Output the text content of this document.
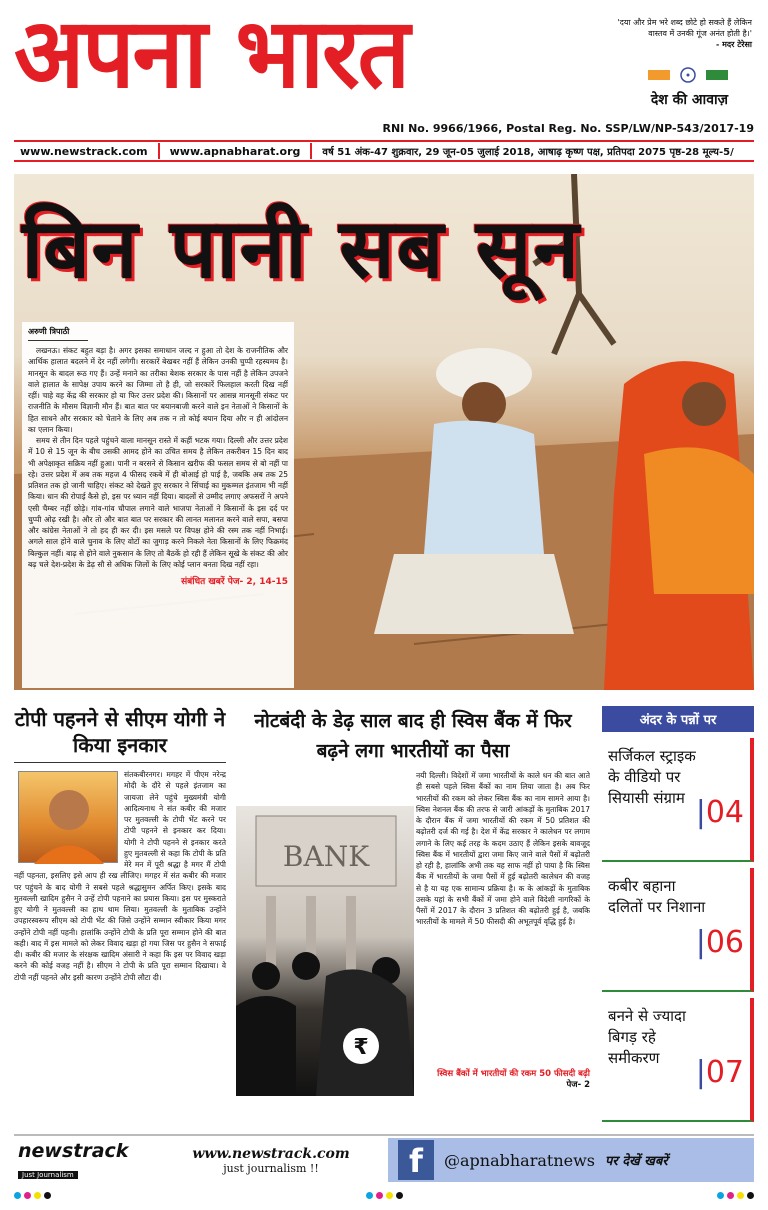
अपना भारत	'दया और प्रेम भरे शब्द छोटे हो सकते हैं लेकिन वास्तव में उनकी गूंज अनंत होती है।'
- मदर टेरेसा
देश की आवाज़
RNI No. 9966/1966, Postal Reg. No. SSP/LW/NP-543/2017-19
www.newstrack.com www.apnabharat.org वर्ष 51 अंक-47 शुक्रवार, 29 जून-05 जुलाई 2018, आषाढ़ कृष्ण पक्ष, प्रतिपदा 2075 पृष्ठ-28 मूल्य-5/
बिन पानी सब सून
अरुणी त्रिपाठी

लखनऊ। संकट बहुत बड़ा है। अगर इसका समाधान जल्द न हुआ तो देश के राजनीतिक और आर्थिक हालात बदलने में देर नहीं लगेगी। सरकारें बेखबर नहीं हैं लेकिन उनकी चुप्पी रहस्यमय है। मानसून के बादल रूठ गए हैं। उन्हें मनाने का तरीका बेशक सरकार के पास नहीं है लेकिन उपजने वाले हालात के सापेक्ष उपाय करने का जिम्मा तो है ही, जो सरकारें फिलहाल करती दिख नहीं रहीं। चाहे वह केंद्र की सरकार हो या फिर उत्तर प्रदेश की। किसानों पर आसन्न मानसूनी संकट पर राजनीति के मौसम विज्ञानी मौन हैं। बात बात पर बयानबाजी करने वाले इन नेताओं ने किसानों के हित साधने और सरकार को चेताने के लिए अब तक न तो कोई बयान दिया और न ही आंदोलन का एलान किया।

समय से तीन दिन पहले पहुंचने वाला मानसून रास्ते में कहीं भटक गया। दिल्ली और उत्तर प्रदेश में 10 से 15 जून के बीच उसकी आमद होने का उचित समय है लेकिन तकरीबन 15 दिन बाद भी अपेक्षाकृत सक्रिय नहीं हुआ। पानी न बरसने से किसान खरीफ की फसल समय से बो नहीं पा रहे। उत्तर प्रदेश में अब तक महज 4 फीसद रकबे में ही बोआई हो पाई है, जबकि अब तक 25 प्रतिशत तक हो जानी चाहिए। संकट को देखते हुए सरकार ने सिंचाई का मुकम्मल इंतजाम भी नहीं किया। धान की रोपाई कैसे हो, इस पर ध्यान नहीं दिया। बादलों से उम्मीद लगाए अफसरों ने अपने एसी चैम्बर नहीं छोड़े। गांव-गांव चौपाल लगाने वाले भाजपा नेताओं ने किसानों के इस दर्द पर चुप्पी ओढ़ रखी है। और तो और बात बात पर सरकार की लानत मलानत करने वाले सपा, बसपा और कांग्रेस नेताओं ने तो हद ही कर दी। इस मसले पर विपक्ष होने की रस्म तक नहीं निभाई। अगले साल होने वाले चुनाव के लिए वोटों का जुगाड़ करने निकले नेता किसानों के लिए फिक्रमंद बिल्कुल नहीं। बाढ़ से होने वाले नुकसान के लिए तो बैठकें हो रही हैं लेकिन सूखे के संकट की ओर बढ़ चले देश-प्रदेश के डेढ़ सौ से अधिक जिलों के लिए कोई प्लान बनता दिख नहीं रहा।

संबंधित खबरें पेज- 2, 14-15
टोपी पहनने से सीएम योगी ने किया इनकार
संतकबीरनगर। मगहर में पीएम नरेन्द्र मोदी के दौरे से पहले इंतजाम का जायजा लेने पहुंचे मुख्यमंत्री योगी आदित्यनाथ ने संत कबीर की मजार पर मुतवल्ली के टोपी भेंट करने पर टोपी पहनने से इनकार कर दिया। योगी ने टोपी पहनने से इनकार करते हुए मुतवल्ली से कहा कि टोपी के प्रति मेरे मन में पूरी श्रद्धा है मगर मैं टोपी नहीं पहनता, इसलिए इसे आप ही रख लीजिए। मगहर में संत कबीर की मजार पर पहुंचने के बाद योगी ने सबसे पहले श्रद्धासुमन अर्पित किए। इसके बाद मुतवल्ली खादिम हुसैन ने उन्हें टोपी पहनाने का प्रयास किया। इस पर मुस्कराते हुए योगी ने मुतवल्ली का हाथ थाम लिया। मुतवल्ली के मुताबिक उन्होंने उपहारस्वरूप सीएम को टोपी भेंट की जिसे उन्होंने सम्मान स्वीकार किया मगर उन्होंने टोपी नहीं पहनी। हालांकि उन्होंने टोपी के प्रति पूरा सम्मान होने की बात कही। बाद में इस मामले को लेकर विवाद खड़ा हो गया जिस पर हुसैन ने सफाई दी। कबीर की मजार के संरक्षक खादिम अंसारी ने कहा कि इस पर विवाद खड़ा करने की कोई वजह नहीं है। सीएम ने टोपी के प्रति पूरा सम्मान दिखाया। वे टोपी नहीं पहनते और इसी कारण उन्होंने टोपी लौटा दी।
नोटबंदी के डेढ़ साल बाद ही स्विस बैंक में फिर बढ़ने लगा भारतीयों का पैसा
नयी दिल्ली। विदेशों में जमा भारतीयों के काले धन की बात आते ही सबसे पहले स्विस बैंकों का नाम लिया जाता है। अब फिर भारतीयों की रकम को लेकर स्विस बैंक का नाम सामने आया है। स्विस नेशनल बैंक की तरफ से जारी आंकड़ों के मुताबिक 2017 के दौरान बैंक में जमा भारतीयों की रकम में 50 प्रतिशत की बढ़ोतरी दर्ज की गई है। देश में केंद्र सरकार ने कालेधन पर लगाम लगाने के लिए कई तरह के कदम उठाए हैं लेकिन इसके बावजूद स्विस बैंक में भारतीयों द्वारा जमा किए जाने वाले पैसों में बढ़ोतरी हो रही है, हालांकि अभी तक यह साफ नहीं हो पाया है कि स्विस बैंक में भारतीयों के जमा पैसों में हुई बढ़ोतरी कालेधन की वजह से है या यह एक सामान्य प्रक्रिया है। क के आंकड़ों के मुताबिक उसके यहां के सभी बैंकों में जमा होने वाले विदेशी नागरिकों के पैसों में 2017 के दौरान 3 प्रतिशत की बढ़ोतरी हुई है, जबकि भारतीयों के मामले में 50 फीसदी की अभूतपूर्व वृद्धि हुई है।
BANK
₹
स्विस बैंकों में भारतीयों की रकम 50 फीसदी बढ़ी
पेज- 2
अंदर के पन्नों पर
सर्जिकल स्ट्राइक के वीडियो पर सियासी संग्राम |04
कबीर बहाना दलितों पर निशाना
|06
बनने से ज्यादा बिगड़ रहे समीकरण	|07
newstrack
Just Journalism
www.newstrack.com
just journalism !!	f	@apnabharatnews पर देखें खबरें
